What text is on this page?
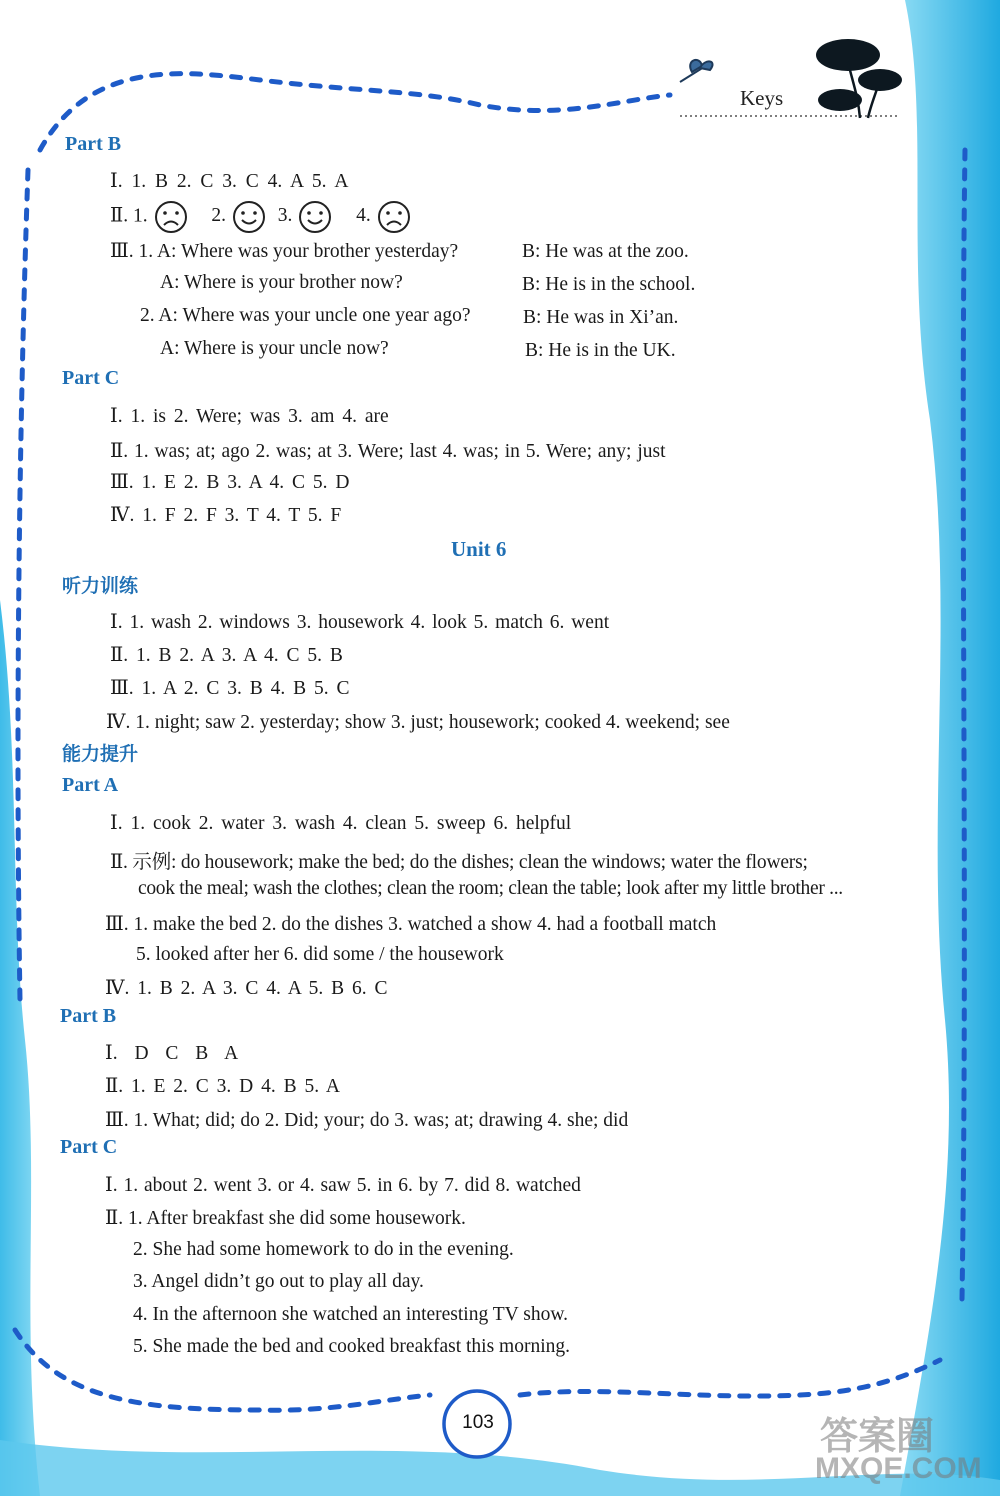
Keys
Part B
Ⅰ. 1. B 2. C 3. C 4. A 5. A
Ⅱ. 1.	2.	3.	4.
Ⅲ. 1. A: Where was your brother yesterday?	B: He was at the zoo.
A: Where is your brother now?	B: He is in the school.
2. A: Where was your uncle one year ago?	B: He was in Xi’an.
A: Where is your uncle now?	B: He is in the UK.
Part C
Ⅰ. 1. is 2. Were; was 3. am 4. are
Ⅱ. 1. was; at; ago 2. was; at 3. Were; last 4. was; in 5. Were; any; just
Ⅲ. 1. E 2. B 3. A 4. C 5. D
Ⅳ. 1. F 2. F 3. T 4. T 5. F
Unit 6
听力训练
Ⅰ. 1. wash 2. windows 3. housework 4. look 5. match 6. went
Ⅱ. 1. B 2. A 3. A 4. C 5. B
Ⅲ. 1. A 2. C 3. B 4. B 5. C
Ⅳ. 1. night; saw 2. yesterday; show 3. just; housework; cooked 4. weekend; see
能力提升
Part A
Ⅰ. 1. cook 2. water 3. wash 4. clean 5. sweep 6. helpful
Ⅱ. 示例: do housework; make the bed; do the dishes; clean the windows; water the flowers;
cook the meal; wash the clothes; clean the room; clean the table; look after my little brother ...
Ⅲ. 1. make the bed 2. do the dishes 3. watched a show 4. had a football match
5. looked after her 6. did some / the housework
Ⅳ. 1. B 2. A 3. C 4. A 5. B 6. C
Part B
Ⅰ. D C B A
Ⅱ. 1. E 2. C 3. D 4. B 5. A
Ⅲ. 1. What; did; do 2. Did; your; do 3. was; at; drawing 4. she; did
Part C
Ⅰ. 1. about 2. went 3. or 4. saw 5. in 6. by 7. did 8. watched
Ⅱ. 1. After breakfast she did some housework.
2. She had some homework to do in the evening.
3. Angel didn’t go out to play all day.
4. In the afternoon she watched an interesting TV show.
5. She made the bed and cooked breakfast this morning.
103	答案圈
MXQE.COM
